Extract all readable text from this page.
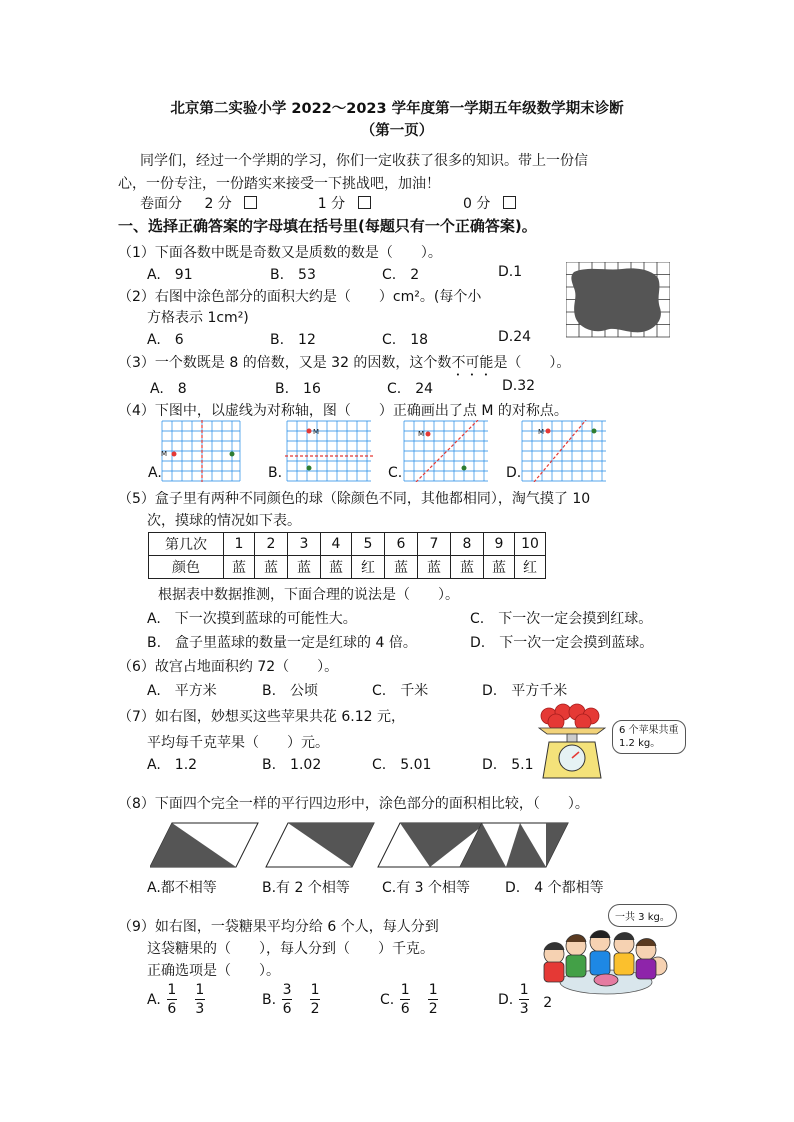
北京第二实验小学 2022～2023 学年度第一学期五年级数学期末诊断
（第一页）
同学们，经过一个学期的学习，你们一定收获了很多的知识。带上一份信
心，一份专注，一份踏实来接受一下挑战吧，加油！
卷面分 2 分	1 分	0 分
一、选择正确答案的字母填在括号里(每题只有一个正确答案)。
（1）下面各数中既是奇数又是质数的数是（　　）。
A.　91	B.　53	C.　2	D.1
（2）右图中涂色部分的面积大约是（　　）cm²。(每个小
方格表示 1cm²)
A.　6	B.　12	C.　18	D.24
（3）一个数既是 8 的倍数，又是 32 的因数，这个数不可能是（　　）。
A.　8	B.　16	C.　24	D.32
（4）下图中，以虚线为对称轴，图（　　）正确画出了点 M 的对称点。
M
A.
M
B.
M
C.
M
D.
（5）盒子里有两种不同颜色的球（除颜色不同，其他都相同），淘气摸了 10
次，摸球的情况如下表。
第几次	1	2	3	4	5	6	7	8	9	10
颜色	蓝	蓝	蓝	蓝	红	蓝	蓝	蓝	蓝	红
根据表中数据推测，下面合理的说法是（　　）。
A.　下一次摸到蓝球的可能性大。	C.　下一次一定会摸到红球。
B.　盒子里蓝球的数量一定是红球的 4 倍。	D.　下一次一定会摸到蓝球。
（6）故宫占地面积约 72（　　）。
A.　平方米	B.　公顷	C.　千米	D.　平方千米
（7）如右图，妙想买这些苹果共花 6.12 元，
平均每千克苹果（　　）元。
A.　1.2	B.　1.02	C.　5.01	D.　5.1
6 个苹果共重
1.2 kg。
（8）下面四个完全一样的平行四边形中，涂色部分的面积相比较，（　　）。
A.都不相等	B.有 2 个相等 C.有 3 个相等 D.　4 个都相等
（9）如右图，一袋糖果平均分给 6 个人，每人分到
这袋糖果的（　　），每人分到（　　）千克。
正确选项是（　　）。
一共 3 kg。
A.
1
6
1
3
B.
3
6
1
2
C.
1
6
1
2
D.
1
3 2
